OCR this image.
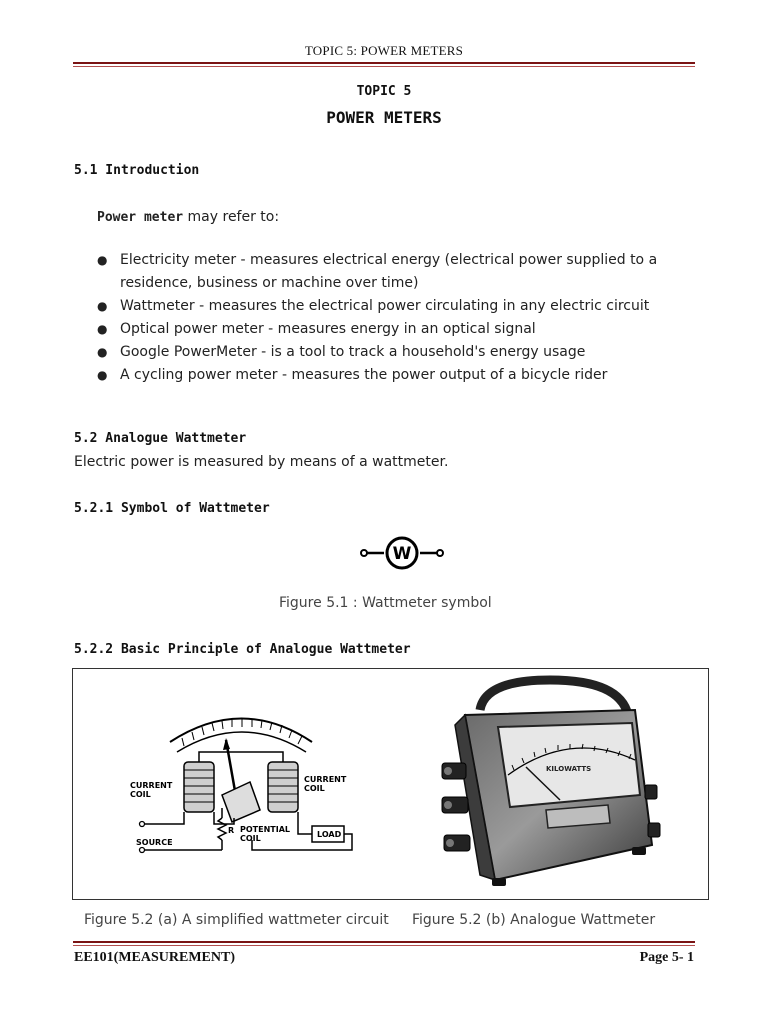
TOPIC 5: POWER METERS
TOPIC 5
POWER METERS
5.1 Introduction
Power meter may refer to:
● Electricity meter - measures electrical energy (electrical power supplied to a
residence, business or machine over time)
● Wattmeter - measures the electrical power circulating in any electric circuit
● Optical power meter - measures energy in an optical signal
● Google PowerMeter - is a tool to track a household's energy usage
● A cycling power meter - measures the power output of a bicycle rider
5.2 Analogue Wattmeter
Electric power is measured by means of a wattmeter.
5.2.1 Symbol of Wattmeter
W
Figure 5.1 : Wattmeter symbol
5.2.2 Basic Principle of Analogue Wattmeter
CURRENT
COIL
CURRENT
COIL
POTENTIAL
COIL
SOURCE
R	LOAD
KILOWATTS
Figure 5.2 (a) A simplified wattmeter circuit Figure 5.2 (b) Analogue Wattmeter
EE101(MEASUREMENT)	Page 5- 1
